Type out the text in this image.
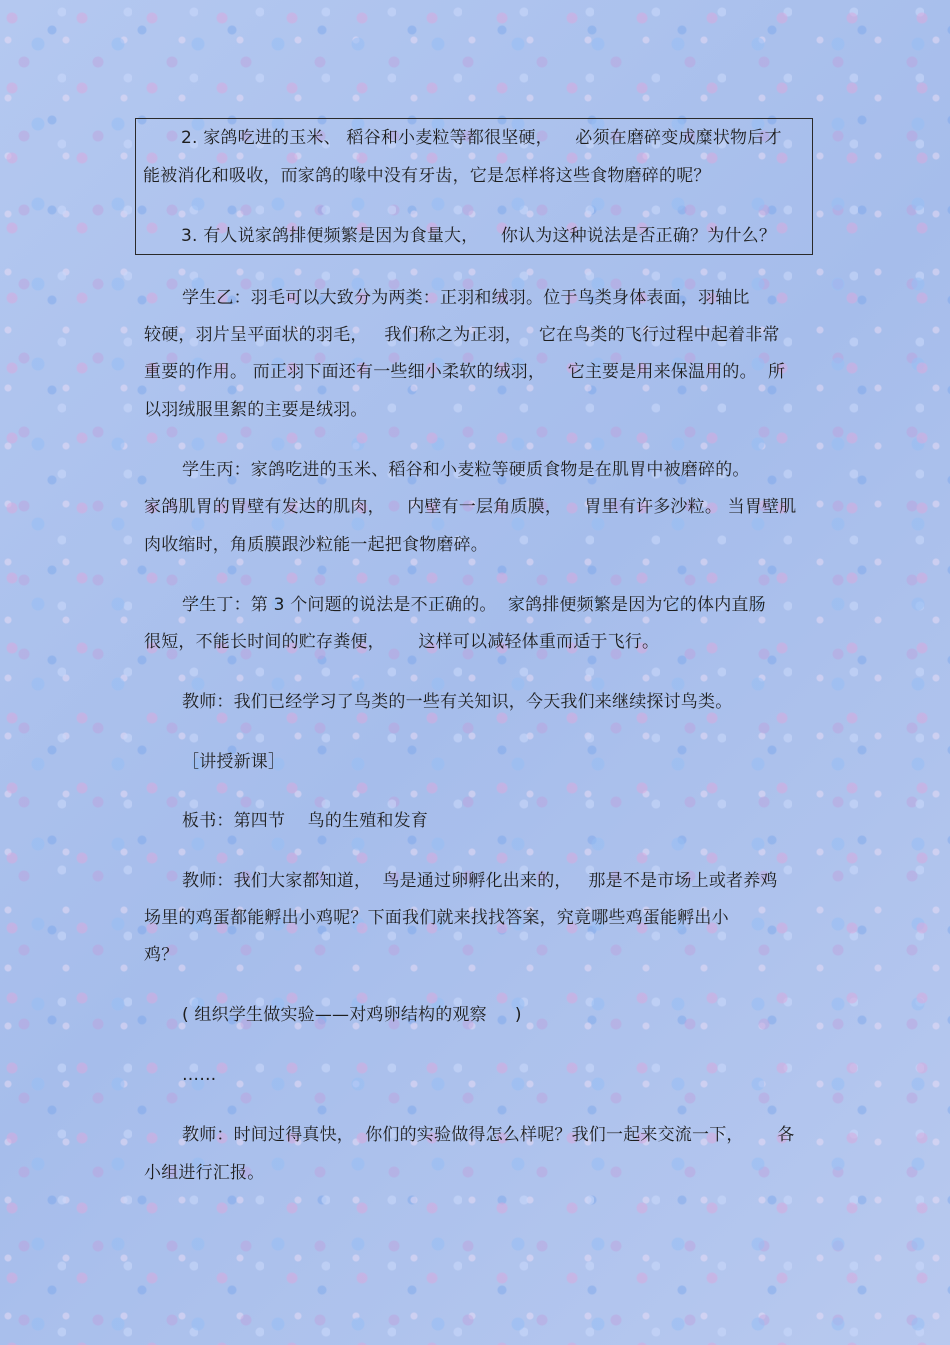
2. 家鸽吃进的玉米、 稻谷和小麦粒等都很坚硬，    必须在磨碎变成糜状物后才
能被消化和吸收，而家鸽的喙中没有牙齿，它是怎样将这些食物磨碎的呢？
3. 有人说家鸽排便频繁是因为食量大，    你认为这种说法是否正确？为什么？
学生乙：羽毛可以大致分为两类：正羽和绒羽。位于鸟类身体表面，羽轴比
较硬，羽片呈平面状的羽毛，   我们称之为正羽，   它在鸟类的飞行过程中起着非常
重要的作用。 而正羽下面还有一些细小柔软的绒羽，    它主要是用来保温用的。  所
以羽绒服里絮的主要是绒羽。
学生丙：家鸽吃进的玉米、稻谷和小麦粒等硬质食物是在肌胃中被磨碎的。
家鸽肌胃的胃壁有发达的肌肉，    内壁有一层角质膜，    胃里有许多沙粒。 当胃壁肌
肉收缩时，角质膜跟沙粒能一起把食物磨碎。
学生丁：第 3 个问题的说法是不正确的。  家鸽排便频繁是因为它的体内直肠
很短，不能长时间的贮存粪便，      这样可以减轻体重而适于飞行。
教师：我们已经学习了鸟类的一些有关知识，今天我们来继续探讨鸟类。
［讲授新课］
板书：第四节    鸟的生殖和发育
教师：我们大家都知道，  鸟是通过卵孵化出来的，   那是不是市场上或者养鸡
场里的鸡蛋都能孵出小鸡呢？下面我们就来找找答案，究竟哪些鸡蛋能孵出小
鸡？
( 组织学生做实验——对鸡卵结构的观察     )
……
教师：时间过得真快，  你们的实验做得怎么样呢？我们一起来交流一下，      各
小组进行汇报。
